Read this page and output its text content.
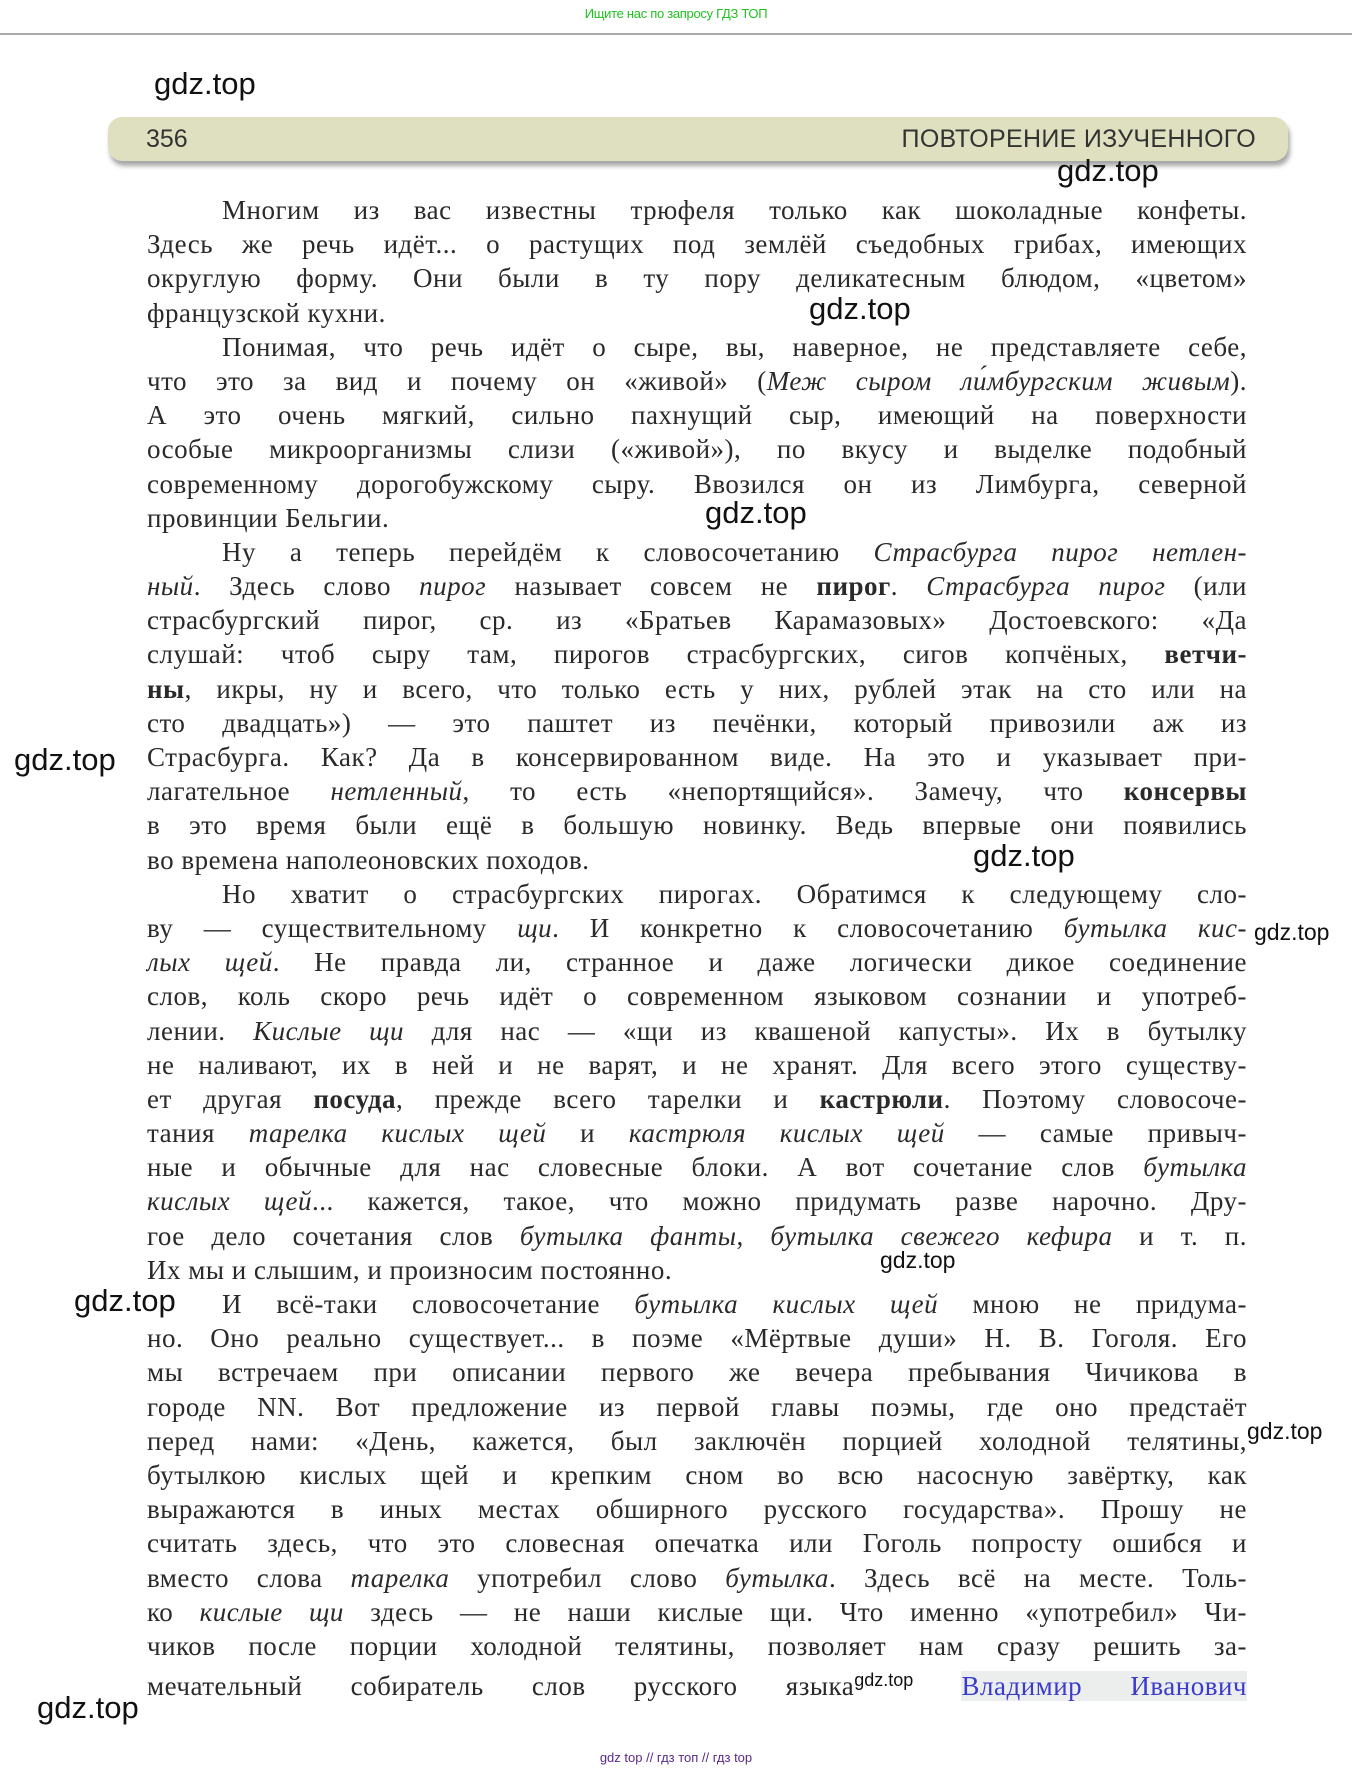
Ищите нас по запросу ГДЗ ТОП
gdz.top
356	ПОВТОРЕНИЕ ИЗУЧЕННОГО
Многим из вас известны трюфеля только как шоколадные конфеты.
Здесь же речь идёт... о растущих под землёй съедобных грибах, имеющих
округлую форму. Они были в ту пору деликатесным блюдом, «цветом»
французской кухни.
Понимая, что речь идёт о сыре, вы, наверное, не представляете себе,
что это за вид и почему он «живой» (Меж сыром ли́мбургским живым).
А это очень мягкий, сильно пахнущий сыр, имеющий на поверхности
особые микроорганизмы слизи («живой»), по вкусу и выделке подобный
современному дорогобужскому сыру. Ввозился он из Лимбурга, северной
провинции Бельгии.
Ну а теперь перейдём к словосочетанию Страсбурга пирог нетлен-
ный. Здесь слово пирог называет совсем не пирог. Страсбурга пирог (или
страсбургский пирог, ср. из «Братьев Карамазовых» Достоевского: «Да
слушай: чтоб сыру там, пирогов страсбургских, сигов копчёных, ветчи-
ны, икры, ну и всего, что только есть у них, рублей этак на сто или на
сто двадцать») — это паштет из печёнки, который привозили аж из
Страсбурга. Как? Да в консервированном виде. На это и указывает при-
лагательное нетленный, то есть «непортящийся». Замечу, что консервы
в это время были ещё в большую новинку. Ведь впервые они появились
во времена наполеоновских походов.
Но хватит о страсбургских пирогах. Обратимся к следующему сло-
ву — существительному щи. И конкретно к словосочетанию бутылка кис-
лых щей. Не правда ли, странное и даже логически дикое соединение
слов, коль скоро речь идёт о современном языковом сознании и употреб-
лении. Кислые щи для нас — «щи из квашеной капусты». Их в бутылку
не наливают, их в ней и не варят, и не хранят. Для всего этого существу-
ет другая посуда, прежде всего тарелки и кастрюли. Поэтому словосоче-
тания тарелка кислых щей и кастрюля кислых щей — самые привыч-
ные и обычные для нас словесные блоки. А вот сочетание слов бутылка
кислых щей... кажется, такое, что можно придумать разве нарочно. Дру-
гое дело сочетания слов бутылка фанты, бутылка свежего кефира и т. п.
Их мы и слышим, и произносим постоянно.
И всё-таки словосочетание бутылка кислых щей мною не придума-
но. Оно реально существует... в поэме «Мёртвые души» Н. В. Гоголя. Его
мы встречаем при описании первого же вечера пребывания Чичикова в
городе NN. Вот предложение из первой главы поэмы, где оно предстаёт
перед нами: «День, кажется, был заключён порцией холодной телятины,
бутылкою кислых щей и крепким сном во всю насосную завёртку, как
выражаются в иных местах обширного русского государства». Прошу не
считать здесь, что это словесная опечатка или Гоголь попросту ошибся и
вместо слова тарелка употребил слово бутылка. Здесь всё на месте. Толь-
ко кислые щи здесь — не наши кислые щи. Что именно «употребил» Чи-
чиков после порции холодной телятины, позволяет нам сразу решить за-
мечательный собиратель слов русского языка$^{gdz.top}$ Владимир Иванович
gdz.top
gdz.top
gdz.top
gdz.top
gdz.top
gdz.top
gdz.top
gdz.top
gdz.top
gdz.top
gdz top // гдз топ // гдз top
